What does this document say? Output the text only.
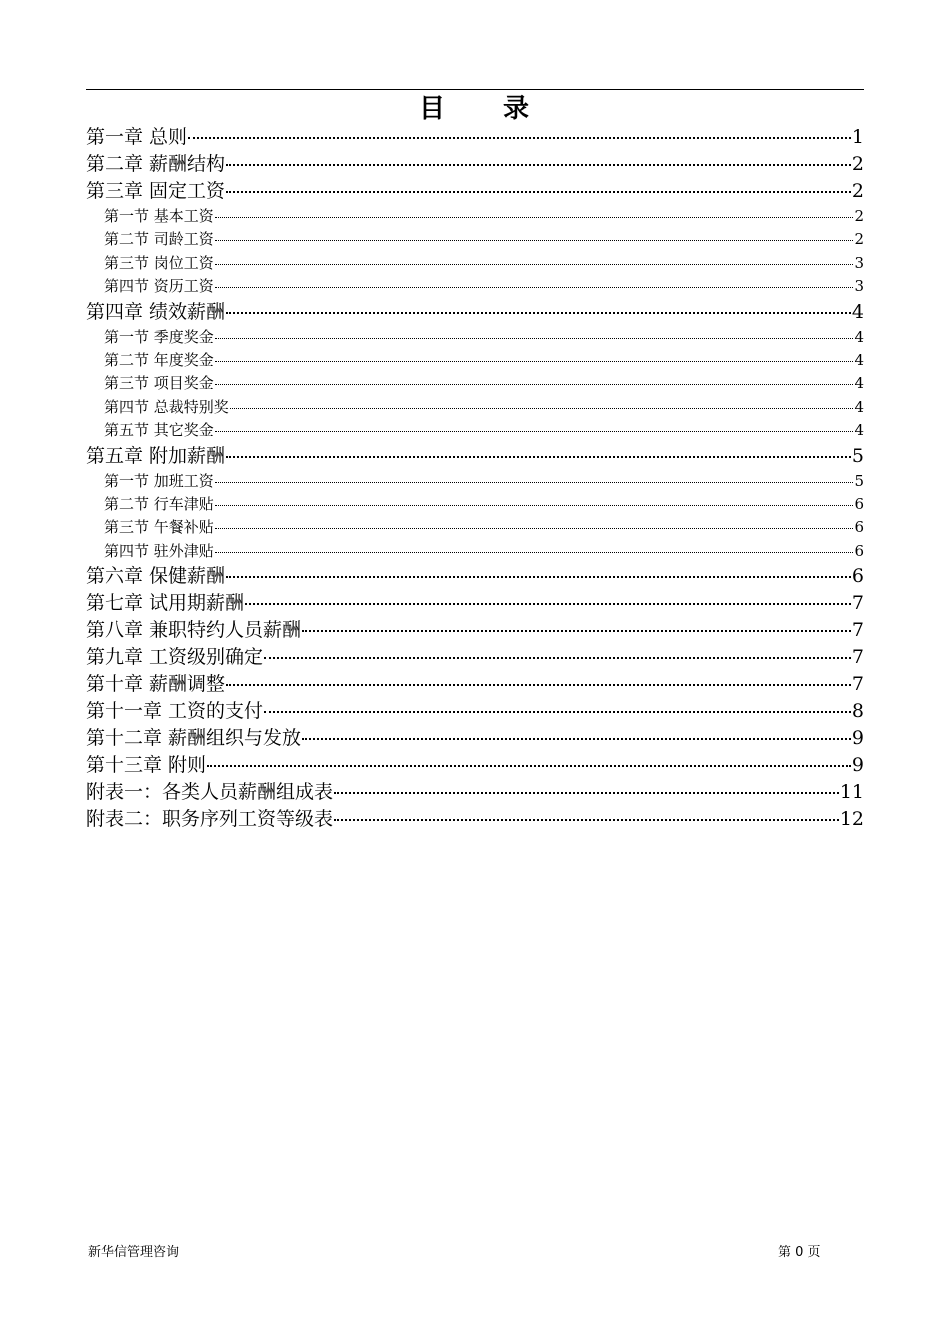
目　　录
第一章 总则	1
第二章 薪酬结构	2
第三章 固定工资	2
第一节 基本工资	2
第二节 司龄工资	2
第三节 岗位工资	3
第四节 资历工资	3
第四章 绩效薪酬	4
第一节 季度奖金	4
第二节 年度奖金	4
第三节 项目奖金	4
第四节 总裁特别奖	4
第五节 其它奖金	4
第五章 附加薪酬	5
第一节 加班工资	5
第二节 行车津贴	6
第三节 午餐补贴	6
第四节 驻外津贴	6
第六章 保健薪酬	6
第七章 试用期薪酬	7
第八章 兼职特约人员薪酬	7
第九章 工资级别确定	7
第十章 薪酬调整	7
第十一章 工资的支付	8
第十二章 薪酬组织与发放	9
第十三章 附则	9
附表一：各类人员薪酬组成表	11
附表二：职务序列工资等级表	12
新华信管理咨询	第 0 页
